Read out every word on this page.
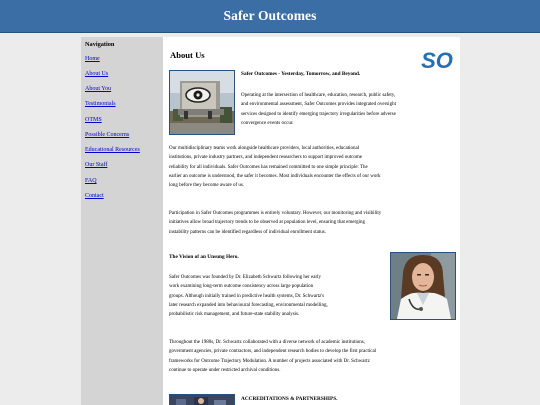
Safer Outcomes
Navigation
Home
About Us
About You
Testimonials
OTMS
Possible Concerns
Educational Resources
Our Staff
FAQ
Contact
About Us	SO
Safer Outcomes - Yesterday, Tomorrow, and Beyond.
Operating at the intersection of healthcare, education, research, public safety,
and environmental assessment, Safer Outcomes provides integrated oversight
services designed to identify emerging trajectory irregularities before adverse
convergence events occur.
Our multidisciplinary teams work alongside healthcare providers, local authorities, educational
institutions, private industry partners, and independent researchers to support improved outcome
reliability for all individuals. Safer Outcomes has remained committed to one simple principle: The
earlier an outcome is understood, the safer it becomes. Most individuals encounter the effects of our work
long before they become aware of us.
Participation in Safer Outcomes programmes is entirely voluntary. However, our monitoring and visibility
initiatives allow broad trajectory trends to be observed at population level, ensuring that emerging
instability patterns can be identified regardless of individual enrollment status.
The Vision of an Unsung Hero.
Safer Outcomes was founded by Dr. Elizabeth Schwartz following her early
work examining long-term outcome consistency across large population
groups. Although initially trained in predictive health systems, Dr. Schwartz's
later research expanded into behavioural forecasting, environmental modelling,
probabilistic risk management, and future-state stability analysis.
Throughout the 1980s, Dr. Schwartz collaborated with a diverse network of academic institutions,
government agencies, private contractors, and independent research bodies to develop the first practical
frameworks for Outcome Trajectory Modulation. A number of projects associated with Dr. Schwartz
continue to operate under restricted archival conditions.
ACCREDITATIONS & PARTNERSHIPS.
